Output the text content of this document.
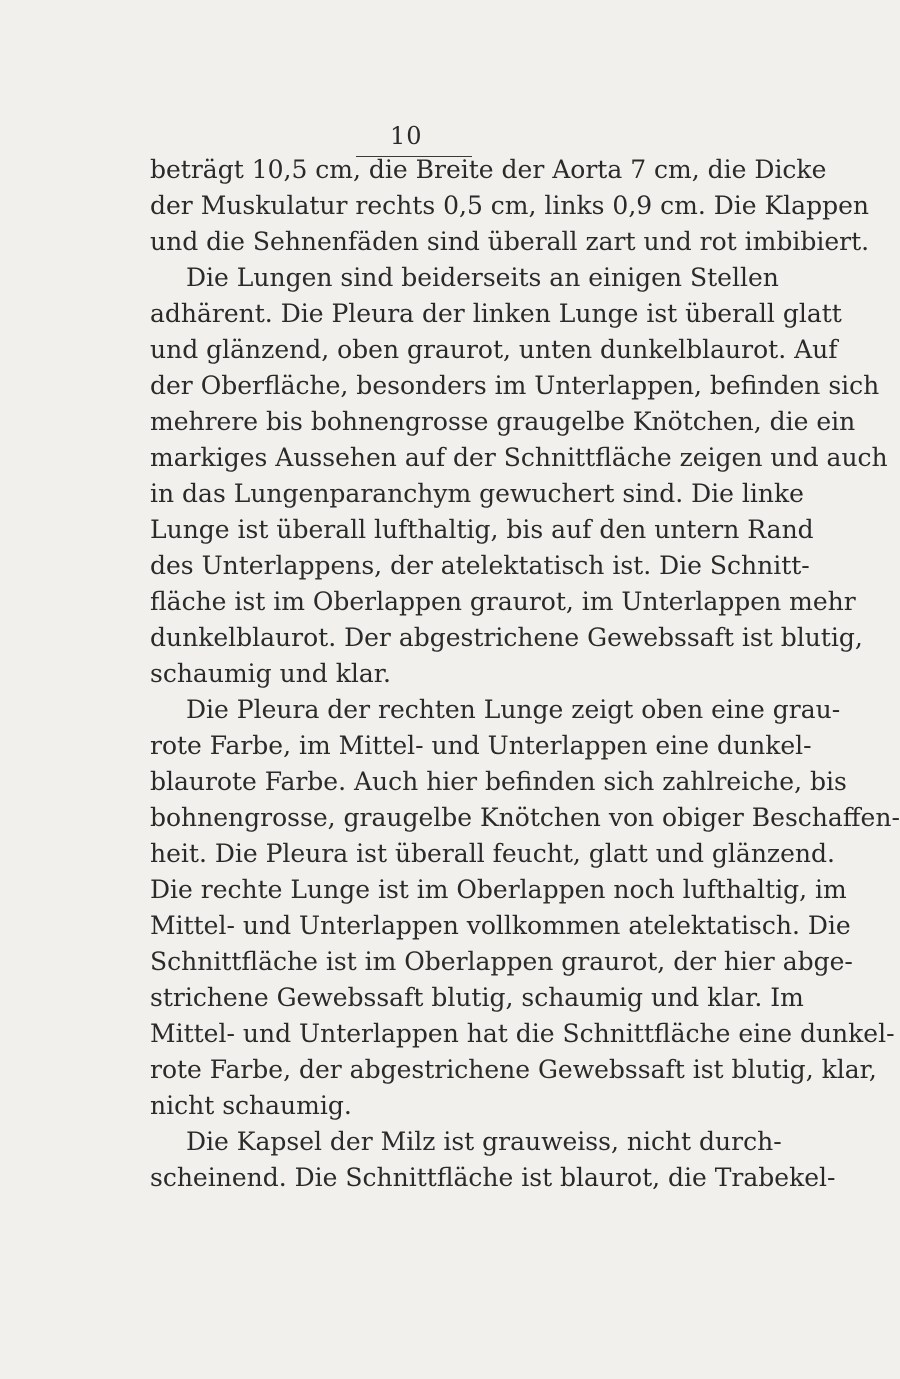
10
beträgt 10,5 cm, die Breite der Aorta 7 cm, die Dicke
der Muskulatur rechts 0,5 cm, links 0,9 cm. Die Klappen
und die Sehnenfäden sind überall zart und rot imbibiert.
Die Lungen sind beiderseits an einigen Stellen
adhärent. Die Pleura der linken Lunge ist überall glatt
und glänzend, oben graurot, unten dunkelblaurot. Auf
der Oberfläche, besonders im Unterlappen, befinden sich
mehrere bis bohnengrosse graugelbe Knötchen, die ein
markiges Aussehen auf der Schnittfläche zeigen und auch
in das Lungenparanchym gewuchert sind. Die linke
Lunge ist überall lufthaltig, bis auf den untern Rand
des Unterlappens, der atelektatisch ist. Die Schnitt-
fläche ist im Oberlappen graurot, im Unterlappen mehr
dunkelblaurot. Der abgestrichene Gewebssaft ist blutig,
schaumig und klar.
Die Pleura der rechten Lunge zeigt oben eine grau-
rote Farbe, im Mittel- und Unterlappen eine dunkel-
blaurote Farbe. Auch hier befinden sich zahlreiche, bis
bohnengrosse, graugelbe Knötchen von obiger Beschaffen-
heit. Die Pleura ist überall feucht, glatt und glänzend.
Die rechte Lunge ist im Oberlappen noch lufthaltig, im
Mittel- und Unterlappen vollkommen atelektatisch. Die
Schnittfläche ist im Oberlappen graurot, der hier abge-
strichene Gewebssaft blutig, schaumig und klar. Im
Mittel- und Unterlappen hat die Schnittfläche eine dunkel-
rote Farbe, der abgestrichene Gewebssaft ist blutig, klar,
nicht schaumig.
Die Kapsel der Milz ist grauweiss, nicht durch-
scheinend. Die Schnittfläche ist blaurot, die Trabekel-
